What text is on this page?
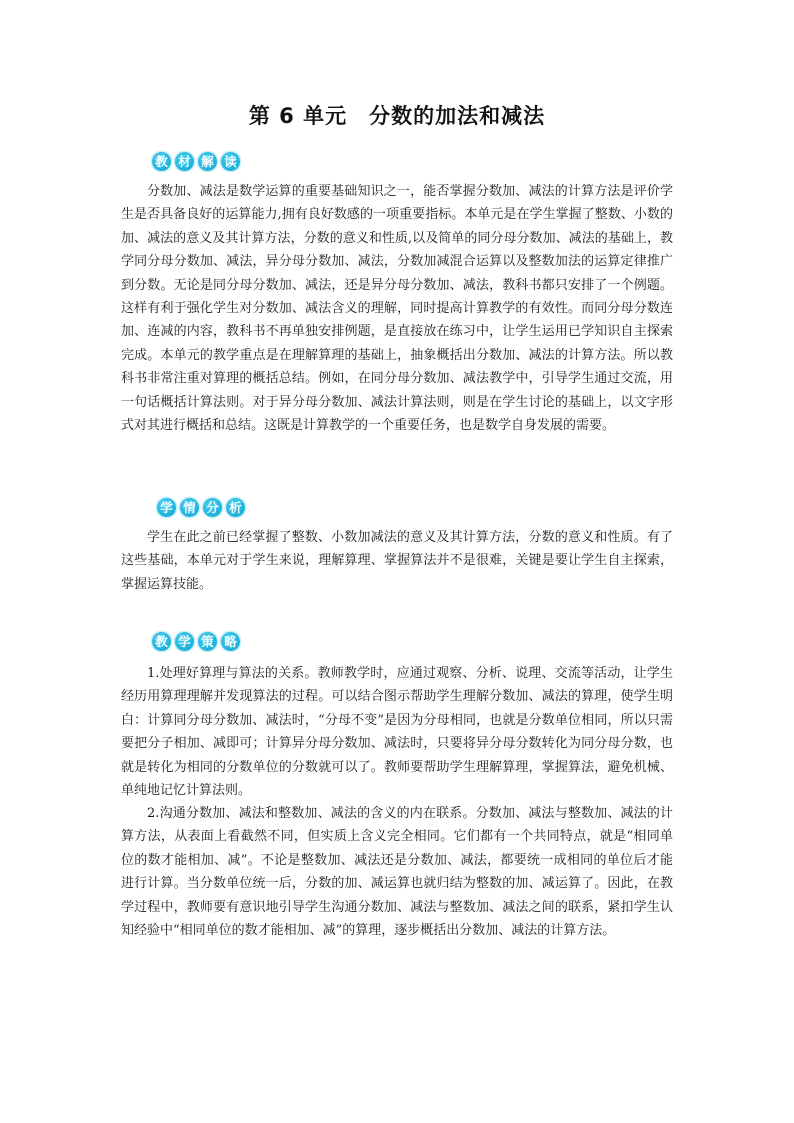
第 6 单元　分数的加法和减法
教 材 解 读

分数加、减法是数学运算的重要基础知识之一，能否掌握分数加、减法的计算方法是评价学生是否具备良好的运算能力,拥有良好数感的一项重要指标。本单元是在学生掌握了整数、小数的加、减法的意义及其计算方法，分数的意义和性质,以及简单的同分母分数加、减法的基础上，教学同分母分数加、减法，异分母分数加、减法，分数加减混合运算以及整数加法的运算定律推广到分数。无论是同分母分数加、减法，还是异分母分数加、减法，教科书都只安排了一个例题。这样有利于强化学生对分数加、减法含义的理解，同时提高计算教学的有效性。而同分母分数连加、连减的内容，教科书不再单独安排例题，是直接放在练习中，让学生运用已学知识自主探索完成。本单元的教学重点是在理解算理的基础上，抽象概括出分数加、减法的计算方法。所以教科书非常注重对算理的概括总结。例如，在同分母分数加、减法教学中，引导学生通过交流，用一句话概括计算法则。对于异分母分数加、减法计算法则，则是在学生讨论的基础上，以文字形式对其进行概括和总结。这既是计算教学的一个重要任务，也是数学自身发展的需要。

学 情 分 析

学生在此之前已经掌握了整数、小数加减法的意义及其计算方法，分数的意义和性质。有了这些基础，本单元对于学生来说，理解算理、掌握算法并不是很难，关键是要让学生自主探索，掌握运算技能。

教 学 策 略

1.处理好算理与算法的关系。教师教学时，应通过观察、分析、说理、交流等活动，让学生经历用算理理解并发现算法的过程。可以结合图示帮助学生理解分数加、减法的算理，使学生明白：计算同分母分数加、减法时，“分母不变”是因为分母相同，也就是分数单位相同，所以只需要把分子相加、减即可；计算异分母分数加、减法时，只要将异分母分数转化为同分母分数，也就是转化为相同的分数单位的分数就可以了。教师要帮助学生理解算理，掌握算法，避免机械、单纯地记忆计算法则。

2.沟通分数加、减法和整数加、减法的含义的内在联系。分数加、减法与整数加、减法的计算方法，从表面上看截然不同，但实质上含义完全相同。它们都有一个共同特点，就是“相同单位的数才能相加、减”。不论是整数加、减法还是分数加、减法，都要统一成相同的单位后才能进行计算。当分数单位统一后，分数的加、减运算也就归结为整数的加、减运算了。因此，在教学过程中，教师要有意识地引导学生沟通分数加、减法与整数加、减法之间的联系，紧扣学生认知经验中“相同单位的数才能相加、减”的算理，逐步概括出分数加、减法的计算方法。
